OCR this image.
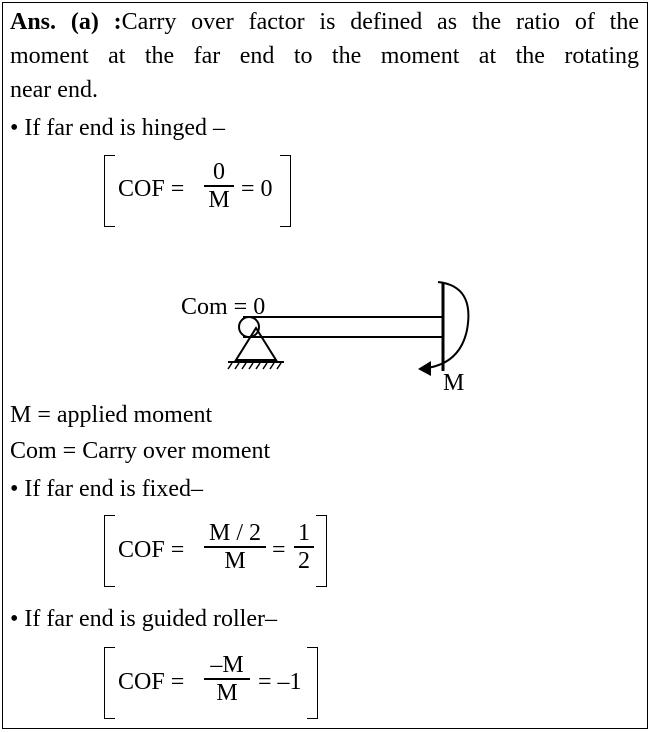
Ans. (a) :Carry over factor is defined as the ratio of the
moment at the far end to the moment at the rotating
near end.
• If far end is hinged –
COF =
0
M = 0
Com = 0
M
M = applied moment
Com = Carry over moment
• If far end is fixed–
COF =
M / 2
M =
1
2
• If far end is guided roller–
COF =
–M
M = –1
